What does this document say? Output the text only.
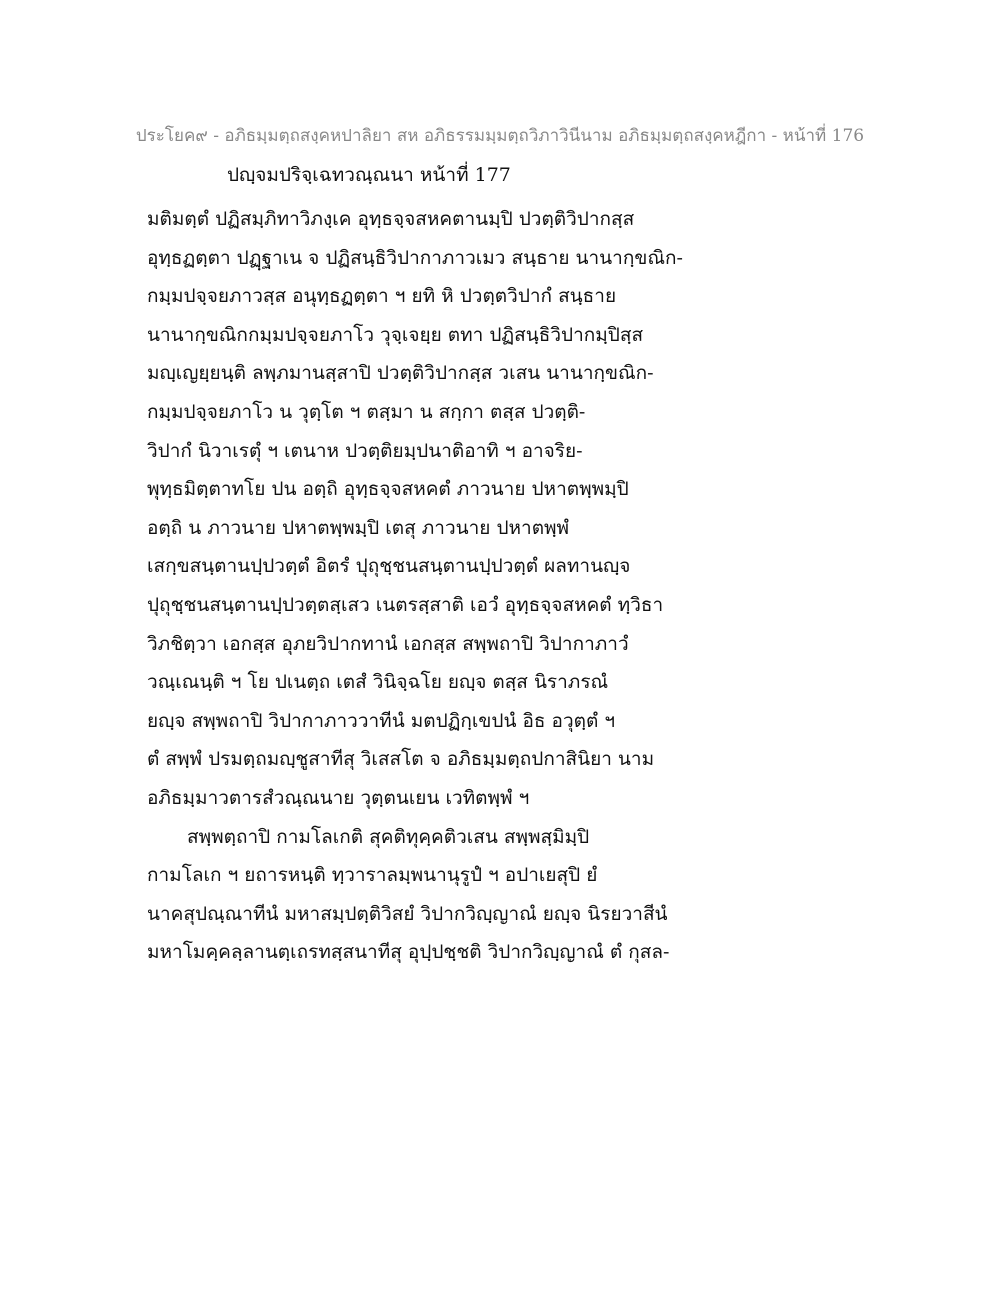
ประโยค๙ - อภิธมฺมตฺถสงฺคหปาลิยา สห อภิธรรมมฺมตฺถวิภาวินีนาม อภิธมฺมตฺถสงฺคหฎีกา - หน้าที่ 176
ปญฺจมปริจฺเฉทวณฺณนา หน้าที่ 177
มติมตฺตํ ปฏิสมฺภิทาวิภงฺเค อุทฺธจฺจสหคตานมฺปิ ปวตฺติวิปากสฺส
อุทฺธฏตฺตา ปฏฺฐาเน จ ปฏิสนฺธิวิปากาภาวเมว สนฺธาย นานากฺขณิก-
กมฺมปจฺจยภาวสฺส อนุทฺธฏตฺตา ฯ ยทิ หิ ปวตฺตวิปากํ สนฺธาย
นานากฺขณิกกมฺมปจฺจยภาโว วุจฺเจยฺย ตทา ปฏิสนฺธิวิปากมฺปิสฺส
มญฺเญยฺยนฺติ ลพฺภมานสฺสาปิ ปวตฺติวิปากสฺส วเสน นานากฺขณิก-
กมฺมปจฺจยภาโว น วุตฺโต ฯ ตสฺมา น สกฺกา ตสฺส ปวตฺติ-
วิปากํ นิวาเรตุํ ฯ เตนาห ปวตฺติยมฺปนาติอาทิ ฯ อาจริย-
พุทฺธมิตฺตาทโย ปน อตฺถิ อุทฺธจฺจสหคตํ ภาวนาย ปหาตพฺพมฺปิ
อตฺถิ น ภาวนาย ปหาตพฺพมฺปิ เตสุ ภาวนาย ปหาตพฺพํ
เสกฺขสนฺตานปฺปวตฺตํ อิตรํ ปุถุชฺชนสนฺตานปฺปวตฺตํ ผลทานญฺจ
ปุถุชฺชนสนฺตานปฺปวตฺตสฺเสว เนตรสฺสาติ เอวํ อุทฺธจฺจสหคตํ ทฺวิธา
วิภชิตฺวา เอกสฺส อุภยวิปากทานํ เอกสฺส สพฺพถาปิ วิปากาภาวํ
วณฺเณนฺติ ฯ โย ปเนตฺถ เตสํ วินิจฺฉโย ยญฺจ ตสฺส นิราภรณํ
ยญฺจ สพฺพถาปิ วิปากาภาววาทีนํ มตปฏิกฺเขปนํ อิธ อวุตฺตํ ฯ
ตํ สพฺพํ ปรมตฺถมญฺชูสาทีสุ วิเสสโต จ อภิธมฺมตฺถปกาสินิยา นาม
อภิธมฺมาวตารสํวณฺณนาย วุตฺตนเยน เวทิตพฺพํ ฯ
สพฺพตฺถาปิ กามโลเกติ สุคติทุคฺคติวเสน สพฺพสฺมิมฺปิ
กามโลเก ฯ ยถารหนฺติ ทฺวาราลมฺพนานุรูปํ ฯ อปาเยสุปิ ยํ
นาคสุปณฺณาทีนํ มหาสมฺปตฺติวิสยํ วิปากวิญฺญาณํ ยญฺจ นิรยวาสีนํ
มหาโมคฺคลฺลานตฺเถรทสฺสนาทีสุ อุปฺปชฺชติ วิปากวิญฺญาณํ ตํ กุสล-
